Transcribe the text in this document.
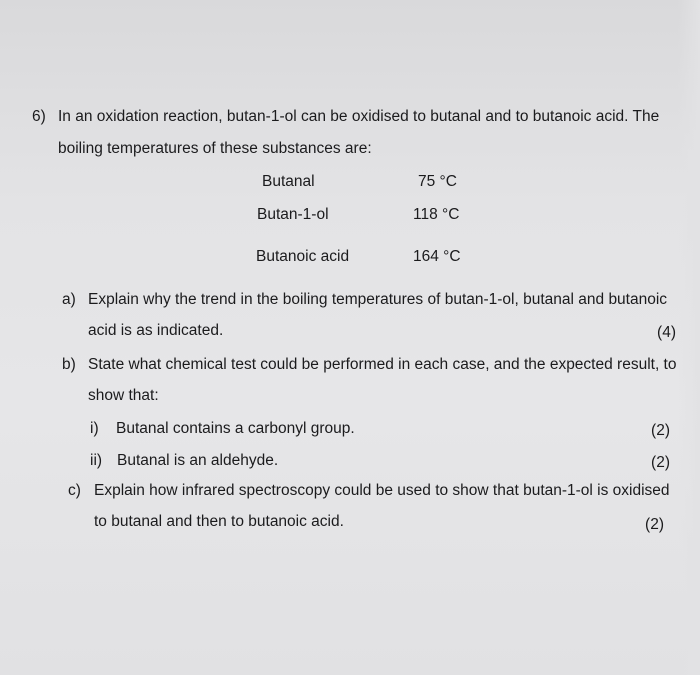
6) In an oxidation reaction, butan-1-ol can be oxidised to butanal and to butanoic acid. The
boiling temperatures of these substances are:
Butanal	75 °C
Butan-1-ol	118 °C
Butanoic acid	164 °C
a) Explain why the trend in the boiling temperatures of butan-1-ol, butanal and butanoic
acid is as indicated.	(4)
b) State what chemical test could be performed in each case, and the expected result, to
show that:
i) Butanal contains a carbonyl group.	(2)
ii) Butanal is an aldehyde.	(2)
c) Explain how infrared spectroscopy could be used to show that butan-1-ol is oxidised
to butanal and then to butanoic acid.	(2)
